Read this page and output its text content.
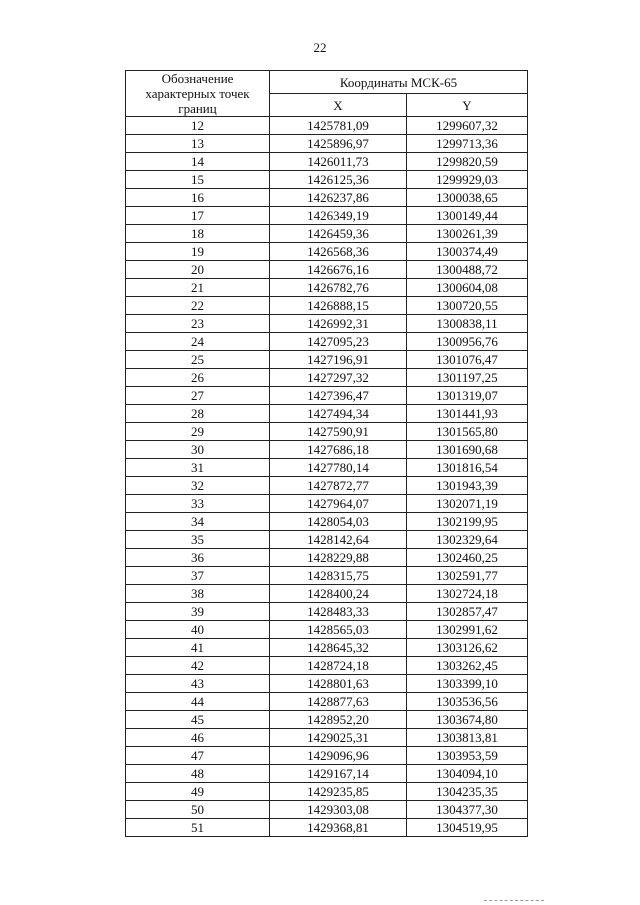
22
Обозначение характерных точек границ	Координаты МСК-65	
	X	Y
12	1425781,09	1299607,32
13	1425896,97	1299713,36
14	1426011,73	1299820,59
15	1426125,36	1299929,03
16	1426237,86	1300038,65
17	1426349,19	1300149,44
18	1426459,36	1300261,39
19	1426568,36	1300374,49
20	1426676,16	1300488,72
21	1426782,76	1300604,08
22	1426888,15	1300720,55
23	1426992,31	1300838,11
24	1427095,23	1300956,76
25	1427196,91	1301076,47
26	1427297,32	1301197,25
27	1427396,47	1301319,07
28	1427494,34	1301441,93
29	1427590,91	1301565,80
30	1427686,18	1301690,68
31	1427780,14	1301816,54
32	1427872,77	1301943,39
33	1427964,07	1302071,19
34	1428054,03	1302199,95
35	1428142,64	1302329,64
36	1428229,88	1302460,25
37	1428315,75	1302591,77
38	1428400,24	1302724,18
39	1428483,33	1302857,47
40	1428565,03	1302991,62
41	1428645,32	1303126,62
42	1428724,18	1303262,45
43	1428801,63	1303399,10
44	1428877,63	1303536,56
45	1428952,20	1303674,80
46	1429025,31	1303813,81
47	1429096,96	1303953,59
48	1429167,14	1304094,10
49	1429235,85	1304235,35
50	1429303,08	1304377,30
51	1429368,81	1304519,95
